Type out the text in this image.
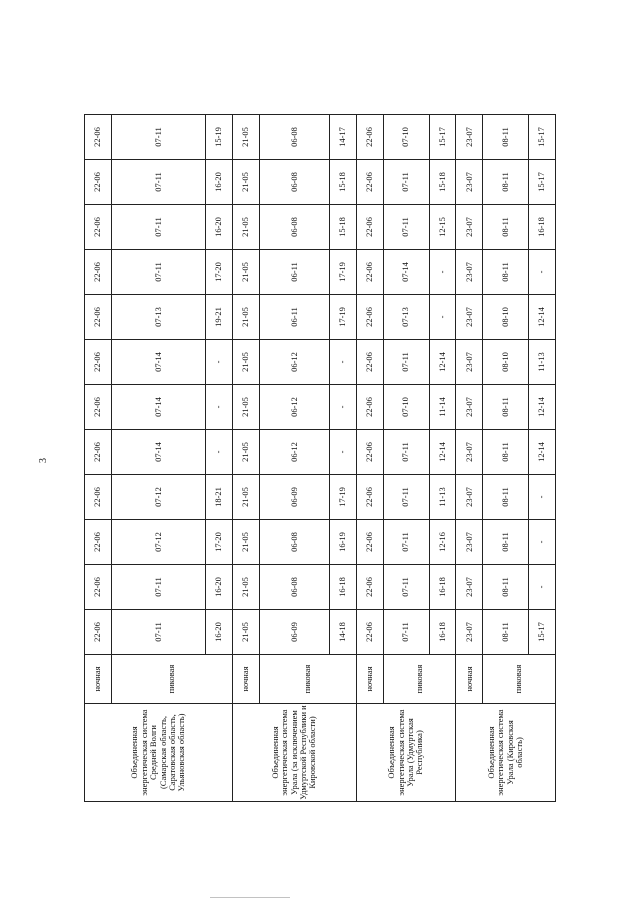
3
Объединенная энергетическая система Средней Волги (Самарская область, Саратовская область, Ульяновская область)	ночная	22-06	22-06	22-06	22-06	22-06	22-06	22-06	22-06	22-06	22-06	22-06	22-06
	пиковая	07-11	07-11	07-12	07-12	07-14	07-14	07-14	07-13	07-11	07-11	07-11	07-11
		16-20	16-20	17-20	18-21	-	-	-	19-21	17-20	16-20	16-20	15-19
Объединенная энергетическая система Урала (за исключением Удмуртской Республики и Кировской области)	ночная	21-05	21-05	21-05	21-05	21-05	21-05	21-05	21-05	21-05	21-05	21-05	21-05
	пиковая	06-09	06-08	06-08	06-09	06-12	06-12	06-12	06-11	06-11	06-08	06-08	06-08
		14-18	16-18	16-19	17-19	-	-	-	17-19	17-19	15-18	15-18	14-17
Объединенная энергетическая система Урала (Удмуртская Республика)	ночная	22-06	22-06	22-06	22-06	22-06	22-06	22-06	22-06	22-06	22-06	22-06	22-06
	пиковая	07-11	07-11	07-11	07-11	07-11	07-10	07-11	07-13	07-14	07-11	07-11	07-10
		16-18	16-18	12-16	11-13	12-14	11-14	12-14	-	-	12-15	15-18	15-17
Объединенная энергетическая система Урала (Кировская область)	ночная	23-07	23-07	23-07	23-07	23-07	23-07	23-07	23-07	23-07	23-07	23-07	23-07
	пиковая	08-11	08-11	08-11	08-11	08-11	08-11	08-10	08-10	08-11	08-11	08-11	08-11
		15-17	-	-	-	12-14	12-14	11-13	12-14	-	16-18	15-17	15-17
